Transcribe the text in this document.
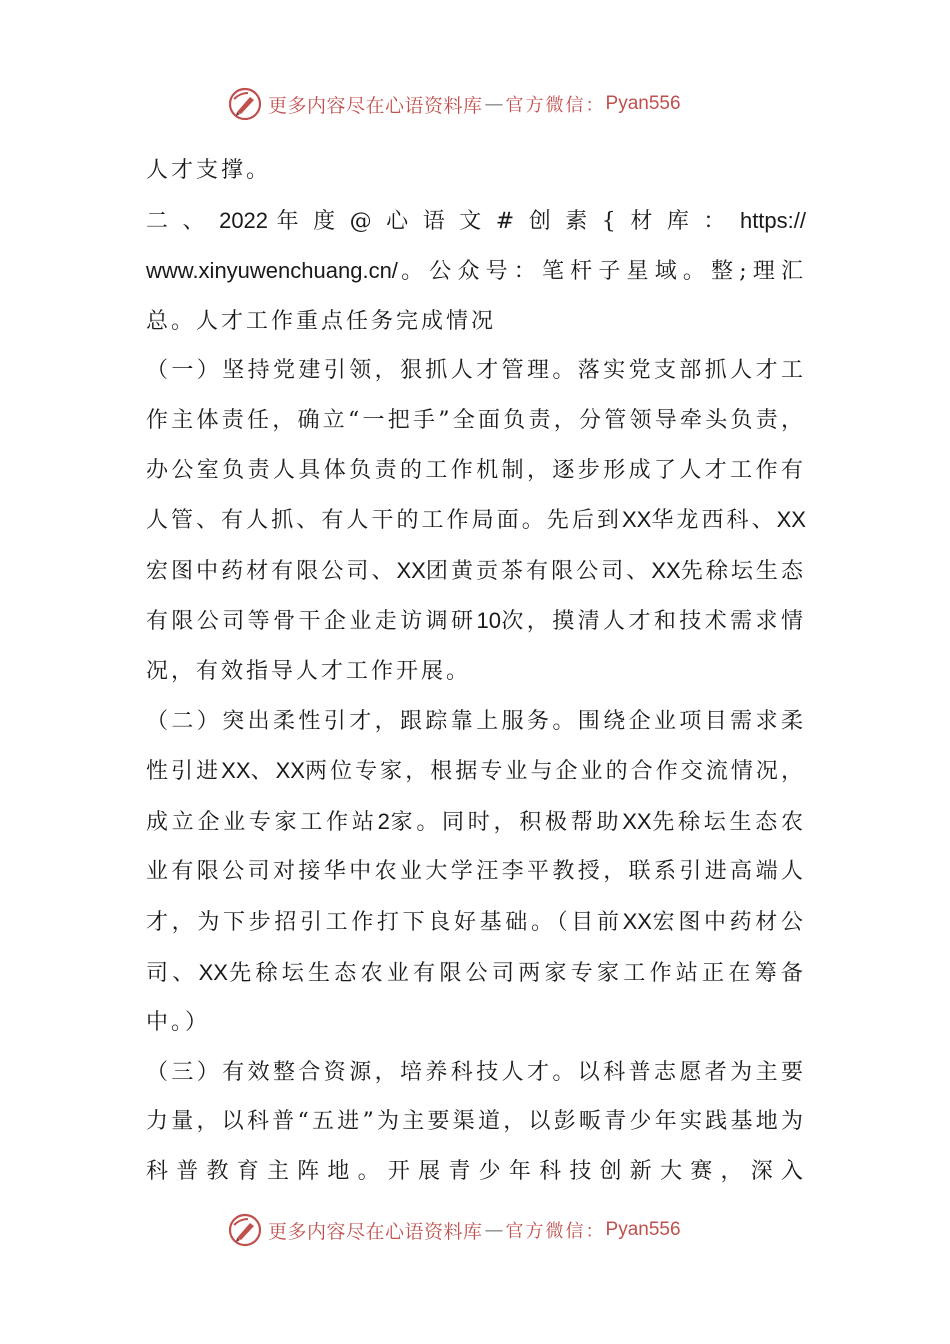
更多内容尽在心语资料库 — 官方微信： Pyan556

人才支撑。

二、2022年度@心语文#创素{材库：https://

www.xinyuwenchuang.cn/。公众号：笔杆子星域。整;理汇

总。人才工作重点任务完成情况

（一）坚持党建引领，狠抓人才管理。落实党支部抓人才工作主体责任，确立“一把手”全面负责，分管领导牵头负责，办公室负责人具体负责的工作机制，逐步形成了人才工作有人管、有人抓、有人干的工作局面。先后到XX华龙西科、XX宏图中药材有限公司、XX团黄贡茶有限公司、XX先稌坛生态有限公司等骨干企业走访调研10次，摸清人才和技术需求情况，有效指导人才工作开展。

（二）突出柔性引才，跟踪靠上服务。围绕企业项目需求柔性引进XX、XX两位专家，根据专业与企业的合作交流情况，成立企业专家工作站2家。同时，积极帮助XX先稌坛生态农业有限公司对接华中农业大学汪李平教授，联系引进高端人才，为下步招引工作打下良好基础。（目前XX宏图中药材公司、XX先稌坛生态农业有限公司两家专家工作站正在筹备中。）

（三）有效整合资源，培养科技人才。以科普志愿者为主要力量，以科普“五进”为主要渠道，以彭畈青少年实践基地为科普教育主阵地。开展青少年科技创新大赛，深入

更多内容尽在心语资料库 — 官方微信： Pyan556
